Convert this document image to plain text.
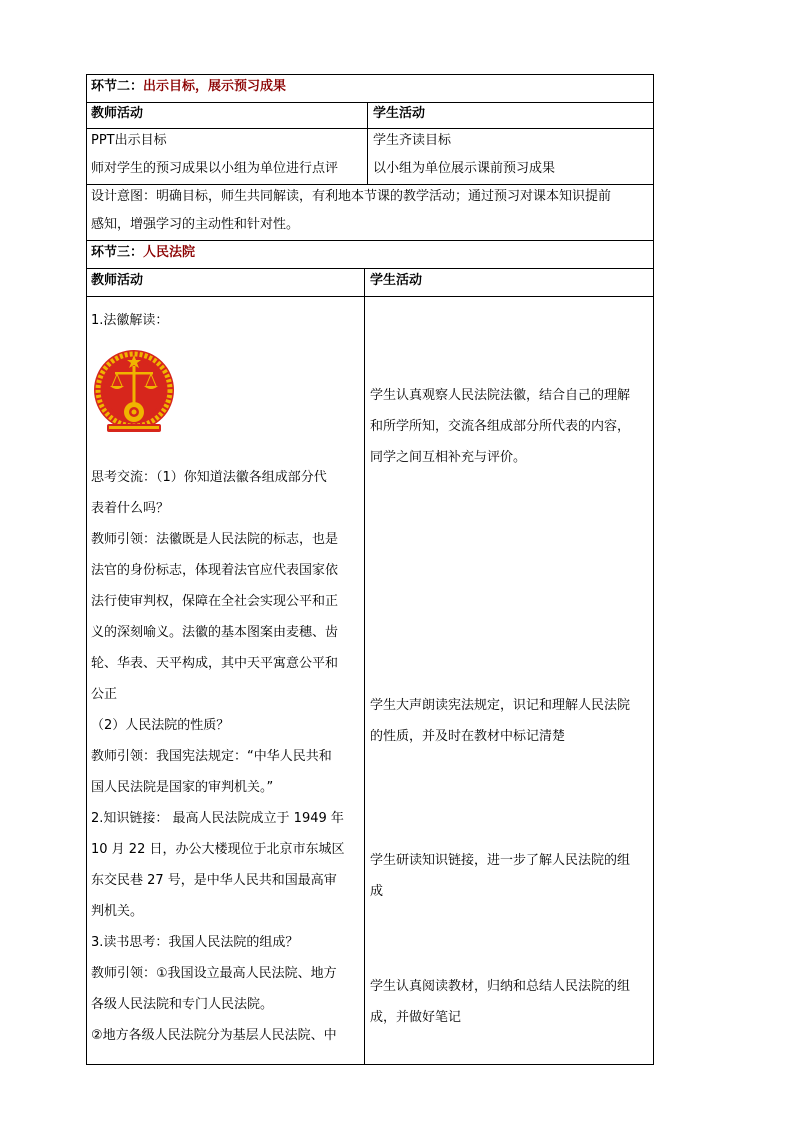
环节二：出示目标，展示预习成果
教师活动	学生活动
PPT出示目标
师对学生的预习成果以小组为单位进行点评
学生齐读目标
以小组为单位展示课前预习成果
设计意图：明确目标，师生共同解读，有利地本节课的教学活动；通过预习对课本知识提前
感知，增强学习的主动性和针对性。
环节三：人民法院
教师活动	学生活动
1.法徽解读：
思考交流：（1）你知道法徽各组成部分代
表着什么吗？
教师引领：法徽既是人民法院的标志，也是
法官的身份标志，体现着法官应代表国家依
法行使审判权，保障在全社会实现公平和正
义的深刻喻义。法徽的基本图案由麦穗、齿
轮、华表、天平构成，其中天平寓意公平和
公正
（2）人民法院的性质？
教师引领：我国宪法规定：“中华人民共和
国人民法院是国家的审判机关。”
2.知识链接： 最高人民法院成立于 1949 年
10 月 22 日，办公大楼现位于北京市东城区
东交民巷 27 号，是中华人民共和国最高审
判机关。
3.读书思考：我国人民法院的组成？
教师引领：①我国设立最高人民法院、地方
各级人民法院和专门人民法院。
②地方各级人民法院分为基层人民法院、中
学生认真观察人民法院法徽，结合自己的理解
和所学所知，交流各组成部分所代表的内容，
同学之间互相补充与评价。
学生大声朗读宪法规定，识记和理解人民法院
的性质，并及时在教材中标记清楚
学生研读知识链接，进一步了解人民法院的组
成
学生认真阅读教材，归纳和总结人民法院的组
成，并做好笔记
